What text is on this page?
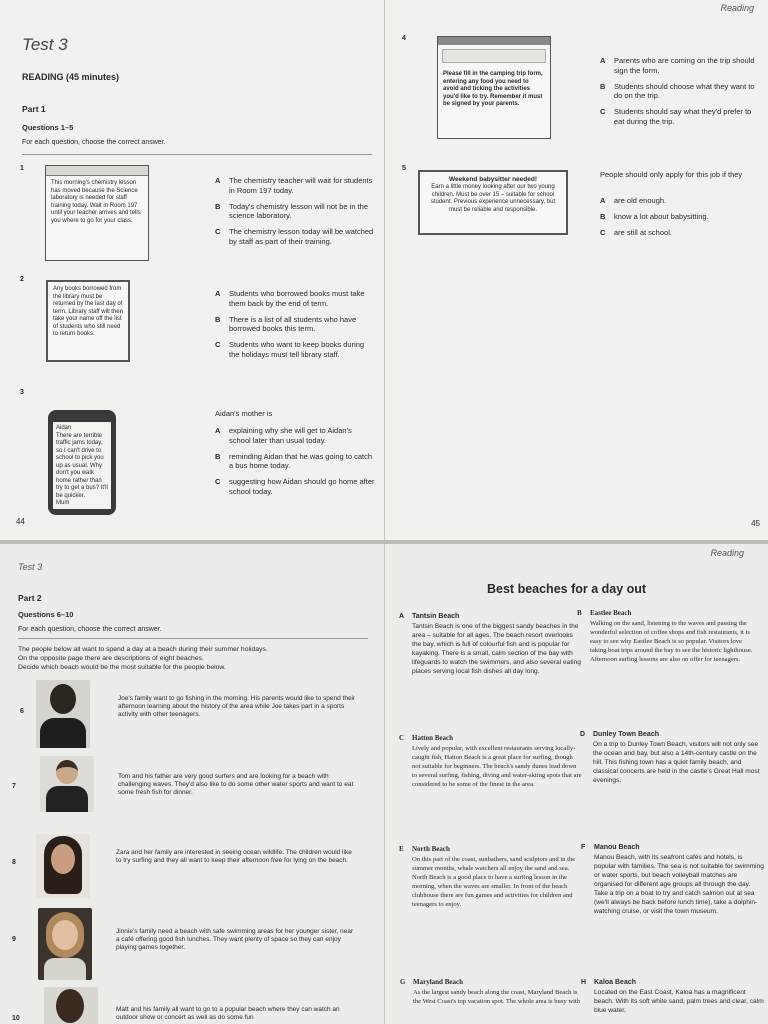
Reading
Test 3
READING (45 minutes)
Part 1
Questions 1–5
For each question, choose the correct answer.
1
This morning's chemistry lesson has moved because the Science laboratory is needed for staff training today. Wait in Room 197 until your teacher arrives and tells you where to go for your class.
A	The chemistry teacher will wait for students in Room 197 today.
B	Today's chemistry lesson will not be in the science laboratory.
C	The chemistry lesson today will be watched by staff as part of their training.
2
Any books borrowed from the library must be returned by the last day of term. Library staff will then take your name off the list of students who still need to return books.
A	Students who borrowed books must take them back by the end of term.
B	There is a list of all students who have borrowed books this term.
C	Students who want to keep books during the holidays must tell library staff.
3
Aidan
There are terrible traffic jams today, so I can't drive to school to pick you up as usual. Why don't you walk home rather than try to get a bus? It'll be quicker.
Mum
Aidan's mother is
A	explaining why she will get to Aidan's school later than usual today.
B	reminding Aidan that he was going to catch a bus home today.
C	suggesting how Aidan should go home after school today.
44
4
Please fill in the camping trip form, entering any food you need to avoid and ticking the activities you'd like to try. Remember it must be signed by your parents.
A	Parents who are coming on the trip should sign the form.
B	Students should choose what they want to do on the trip.
C	Students should say what they'd prefer to eat during the trip.
5
Weekend babysitter needed!
Earn a little money looking after our two young children. Must be over 15 – suitable for school student. Previous experience unnecessary, but must be reliable and responsible.
People should only apply for this job if they
A	are old enough.
B	know a lot about babysitting.
C	are still at school.
45
Reading
Test 3
Part 2
Questions 6–10
For each question, choose the correct answer.
The people below all want to spend a day at a beach during their summer holidays.
On the opposite page there are descriptions of eight beaches.
Decide which beach would be the most suitable for the people below.
6
Joe's family want to go fishing in the morning. His parents would like to spend their afternoon learning about the history of the area while Joe takes part in a sports activity with other teenagers.
7
Tom and his father are very good surfers and are looking for a beach with challenging waves. They'd also like to do some other water sports and want to eat some fresh fish for dinner.
8
Zara and her family are interested in seeing ocean wildlife. The children would like to try surfing and they all want to keep their afternoon free for lying on the beach.
9
Jinnie's family need a beach with safe swimming areas for her younger sister, near a café offering good fish lunches. They want plenty of space so they can enjoy playing games together.
10
Matt and his family all want to go to a popular beach where they can watch an outdoor show or concert as well as do some fun
Best beaches for a day out
A Tantsin Beach
Tantsin Beach is one of the biggest sandy beaches in the area – suitable for all ages. The beach resort overlooks the bay, which is full of colourful fish and is popular for kayaking. There is a small, calm section of the bay with lifeguards to watch the swimmers, and also several eating places serving local fish dishes all day long.
B Eastlee Beach
Walking on the sand, listening to the waves and passing the wonderful selection of coffee shops and fish restaurants, it is easy to see why Eastlee Beach is so popular. Visitors love taking boat trips around the bay to see the historic lighthouse. Afternoon surfing lessons are also on offer for teenagers.
C Hatton Beach
Lively and popular, with excellent restaurants serving locally-caught fish, Hatton Beach is a great place for surfing, though not suitable for beginners. The beach's sandy dunes lead down to several surfing, fishing, diving and water-skiing spots that are considered to be some of the finest in the area.
D Dunley Town Beach
On a trip to Dunley Town Beach, visitors will not only see the ocean and bay, but also a 14th-century castle on the hill. This fishing town has a quiet family beach, and classical concerts are held in the castle's Great Hall most evenings.
E North Beach
On this part of the coast, sunbathers, sand sculptors and in the summer months, whale watchers all enjoy the sand and sea. North Beach is a good place to have a surfing lesson in the morning, when the waves are smaller. In front of the beach clubhouse there are fun games and activities for children and teenagers to enjoy.
F Manou Beach
Manou Beach, with its seafront cafés and hotels, is popular with families. The sea is not suitable for swimming or water sports, but beach volleyball matches are organised for different age groups all through the day. Take a trip on a boat to try and catch salmon out at sea (we'll always be back before lunch time), take a dolphin-watching cruise, or visit the town museum.
G Maryland Beach
As the largest sandy beach along the coast, Maryland Beach is the West Coast's top vacation spot. The whole area is busy with
H Kaloa Beach
Located on the East Coast, Kaloa has a magnificent beach. With its soft white sand, palm trees and clear, calm blue water,
